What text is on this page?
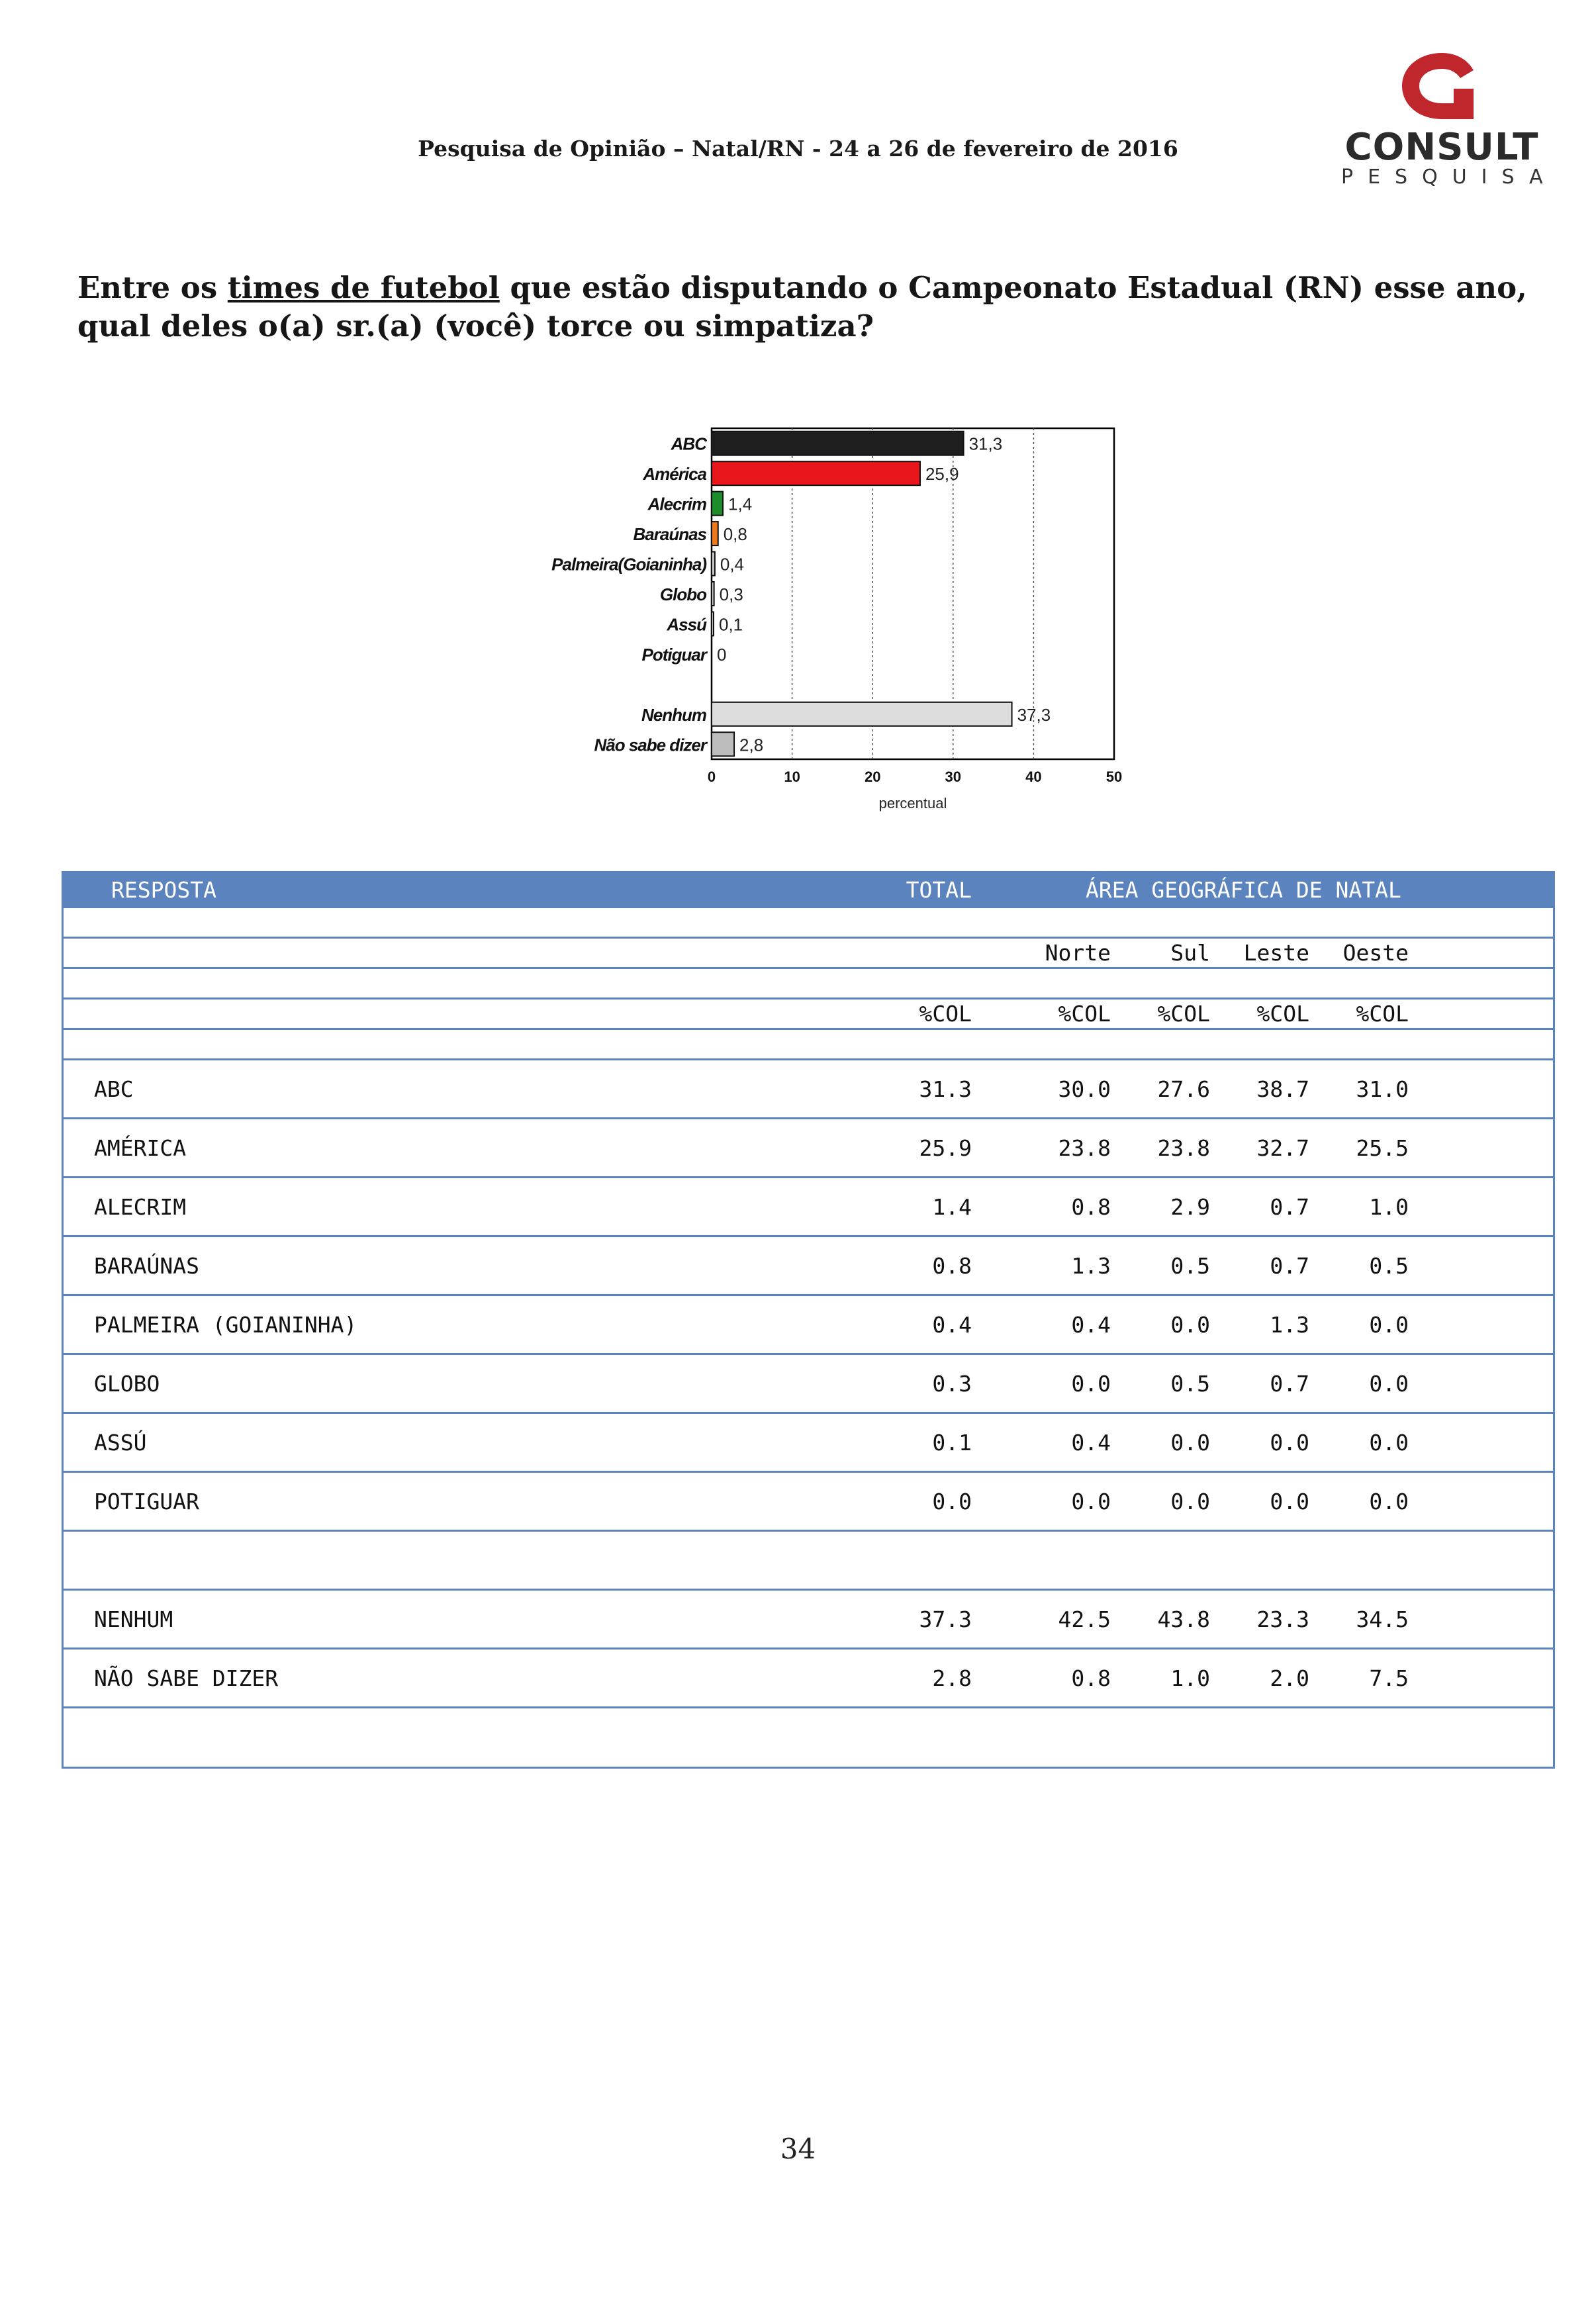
Pesquisa de Opinião – Natal/RN - 24 a 26 de fevereiro de 2016	CONSULT
PESQUISA
Entre os times de futebol que estão disputando o Campeonato Estadual (RN) esse ano, qual deles o(a) sr.(a) (você) torce ou simpatiza?
31,3
ABC
25,9
América
1,4
Alecrim
0,8
Baraúnas
0,4
Palmeira(Goianinha)
0,3
Globo
0,1
Assú
0
Potiguar
37,3
Nenhum
2,8
Não sabe dizer
0	10	20	30	40	50
percentual
RESPOSTA	TOTAL	ÁREA GEOGRÁFICA DE NATAL					

			Norte	Sul	Leste	Oeste	

	%COL		%COL	%COL	%COL	%COL	

ABC	31.3		30.0	27.6	38.7	31.0	
AMÉRICA	25.9		23.8	23.8	32.7	25.5	
ALECRIM	1.4		0.8	2.9	0.7	1.0	
BARAÚNAS	0.8		1.3	0.5	0.7	0.5	
PALMEIRA (GOIANINHA)	0.4		0.4	0.0	1.3	0.0	
GLOBO	0.3		0.0	0.5	0.7	0.0	
ASSÚ	0.1		0.4	0.0	0.0	0.0	
POTIGUAR	0.0		0.0	0.0	0.0	0.0	

NENHUM	37.3		42.5	43.8	23.3	34.5	
NÃO SABE DIZER	2.8		0.8	1.0	2.0	7.5	

34
